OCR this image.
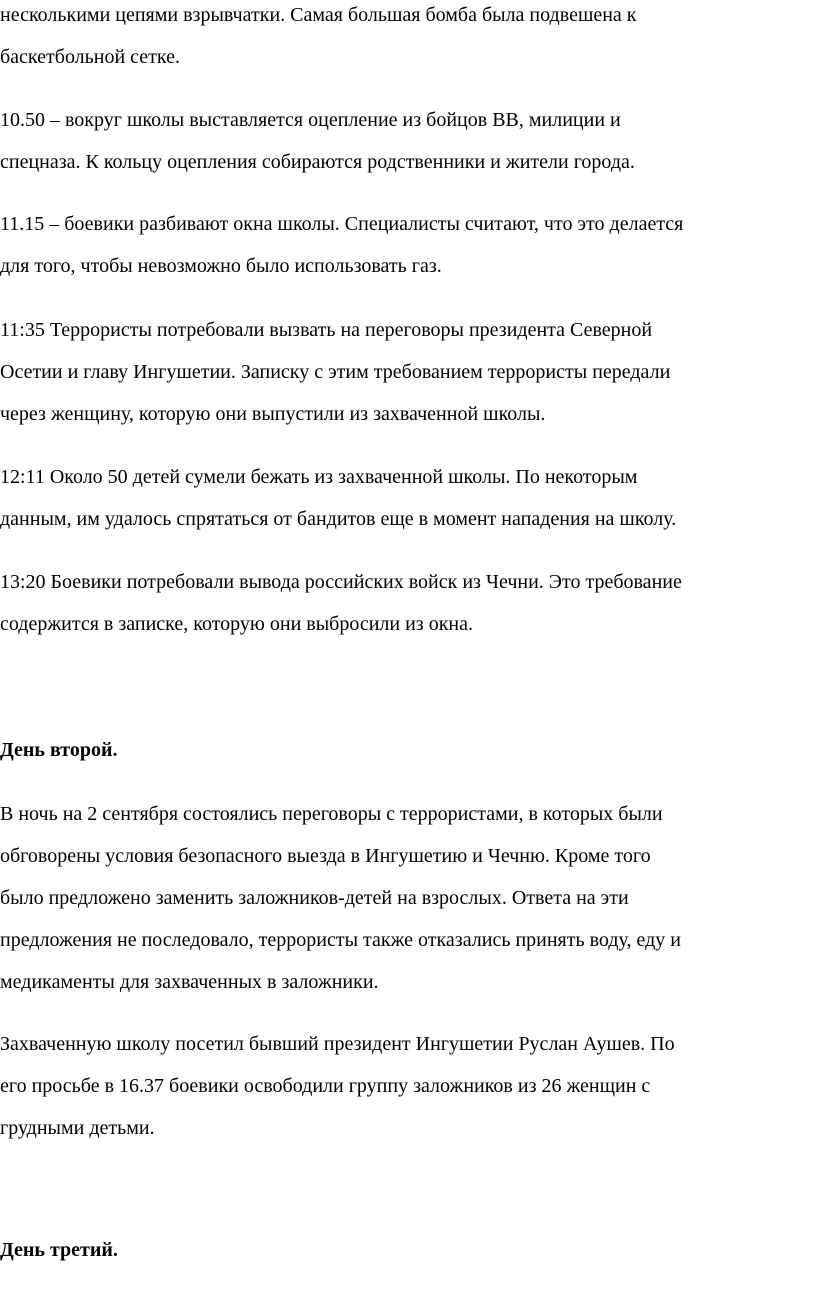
несколькими цепями взрывчатки. Самая большая бомба была подвешена к
баскетбольной сетке.

10.50 – вокруг школы выставляется оцепление из бойцов ВВ, милиции и
спецназа. К кольцу оцепления собираются родственники и жители города.

11.15 – боевики разбивают окна школы. Специалисты считают, что это делается
для того, чтобы невозможно было использовать газ.

11:35 Террористы потребовали вызвать на переговоры президента Северной
Осетии и главу Ингушетии. Записку с этим требованием террористы передали
через женщину, которую они выпустили из захваченной школы.

12:11 Около 50 детей сумели бежать из захваченной школы. По некоторым
данным, им удалось спрятаться от бандитов еще в момент нападения на школу.

13:20 Боевики потребовали вывода российских войск из Чечни. Это требование
содержится в записке, которую они выбросили из окна.

День второй.

В ночь на 2 сентября состоялись переговоры с террористами, в которых были
обговорены условия безопасного выезда в Ингушетию и Чечню. Кроме того
было предложено заменить заложников-детей на взрослых. Ответа на эти
предложения не последовало, террористы также отказались принять воду, еду и
медикаменты для захваченных в заложники.

Захваченную школу посетил бывший президент Ингушетии Руслан Аушев. По
его просьбе в 16.37 боевики освободили группу заложников из 26 женщин с
грудными детьми.

День третий.
